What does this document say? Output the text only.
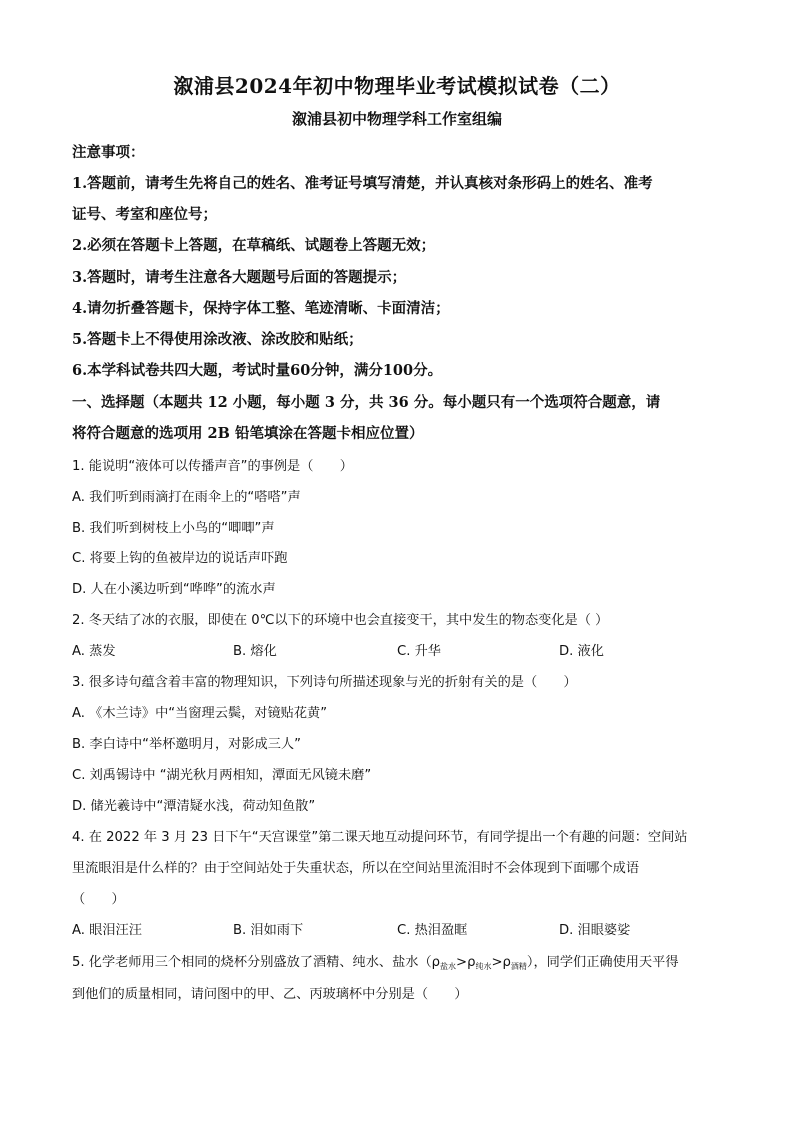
溆浦县2024年初中物理毕业考试模拟试卷（二）
溆浦县初中物理学科工作室组编
注意事项：
1.答题前，请考生先将自己的姓名、准考证号填写清楚，并认真核对条形码上的姓名、准考
证号、考室和座位号；
2.必须在答题卡上答题，在草稿纸、试题卷上答题无效；
3.答题时，请考生注意各大题题号后面的答题提示；
4.请勿折叠答题卡，保持字体工整、笔迹清晰、卡面清洁；
5.答题卡上不得使用涂改液、涂改胶和贴纸；
6.本学科试卷共四大题，考试时量60分钟，满分100分。
一、选择题（本题共 12 小题，每小题 3 分，共 36 分。每小题只有一个选项符合题意，请
将符合题意的选项用 2B 铅笔填涂在答题卡相应位置）
1. 能说明“液体可以传播声音”的事例是（　　）
A. 我们听到雨滴打在雨伞上的“嗒嗒”声
B. 我们听到树枝上小鸟的“唧唧”声
C. 将要上钩的鱼被岸边的说话声吓跑
D. 人在小溪边听到“哗哗”的流水声
2. 冬天结了冰的衣服，即使在 0℃以下的环境中也会直接变干，其中发生的物态变化是（ ）
A. 蒸发	B. 熔化	C. 升华	D. 液化
3. 很多诗句蕴含着丰富的物理知识，下列诗句所描述现象与光的折射有关的是（　　）
A. 《木兰诗》中“当窗理云鬓，对镜贴花黄”
B. 李白诗中“举杯邀明月，对影成三人”
C. 刘禹锡诗中 “湖光秋月两相知，潭面无风镜未磨”
D. 储光羲诗中“潭清疑水浅，荷动知鱼散”
4. 在 2022 年 3 月 23 日下午“天宫课堂”第二课天地互动提问环节，有同学提出一个有趣的问题：空间站
里流眼泪是什么样的？由于空间站处于失重状态，所以在空间站里流泪时不会体现到下面哪个成语
（　　）
A. 眼泪汪汪	B. 泪如雨下	C. 热泪盈眶	D. 泪眼婆娑
5. 化学老师用三个相同的烧杯分别盛放了酒精、纯水、盐水$(\rho_{盐水}>\rho_{纯水}>\rho_{酒精})$，同学们正确使用天平得
到他们的质量相同，请问图中的甲、乙、丙玻璃杯中分别是（　　）
